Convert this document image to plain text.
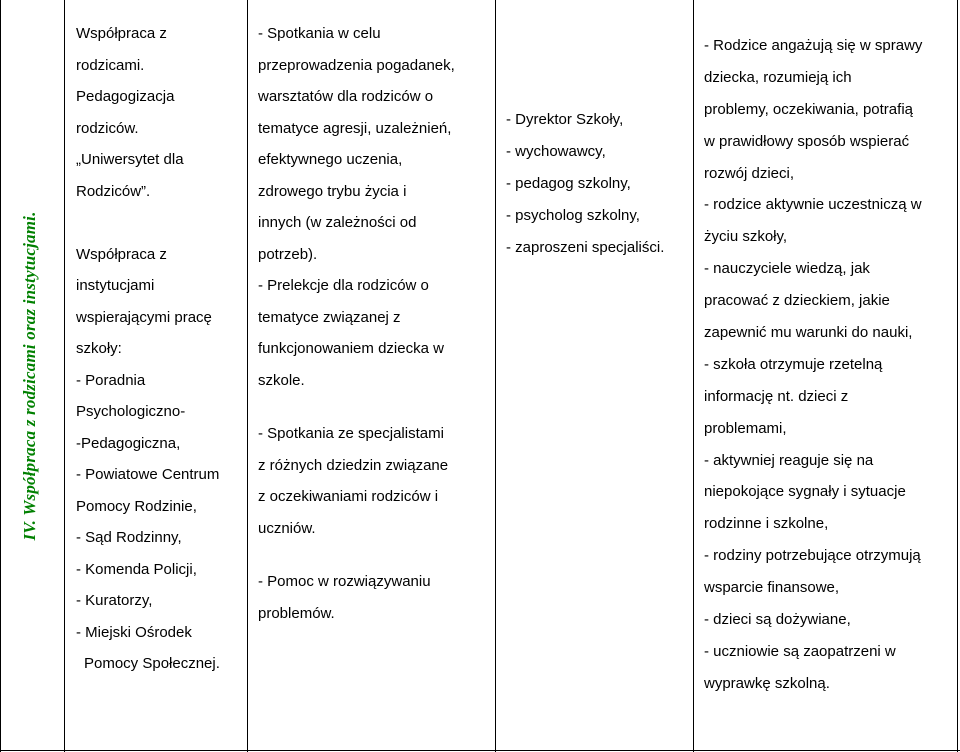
IV. Współpraca z rodzicami oraz instytucjami.
Współpraca z
rodzicami.
Pedagogizacja
rodziców.
„Uniwersytet dla
Rodziców”.
Współpraca z
instytucjami
wspierającymi pracę
szkoły:
- Poradnia
Psychologiczno-
-Pedagogiczna,
- Powiatowe Centrum
Pomocy Rodzinie,
- Sąd Rodzinny,
- Komenda Policji,
- Kuratorzy,
- Miejski Ośrodek
Pomocy Społecznej.
- Spotkania w celu
przeprowadzenia pogadanek,
warsztatów dla rodziców o
tematyce agresji, uzależnień,
efektywnego uczenia,
zdrowego trybu życia i
innych (w zależności od
potrzeb).
- Prelekcje dla rodziców o
tematyce związanej z
funkcjonowaniem dziecka w
szkole.
- Spotkania ze specjalistami
z różnych dziedzin związane
z oczekiwaniami rodziców i
uczniów.
- Pomoc w rozwiązywaniu
problemów.
- Dyrektor Szkoły,
- wychowawcy,
- pedagog szkolny,
- psycholog szkolny,
- zaproszeni specjaliści.
- Rodzice angażują się w sprawy
dziecka, rozumieją ich
problemy, oczekiwania, potrafią
w prawidłowy sposób wspierać
rozwój dzieci,
- rodzice aktywnie uczestniczą w
życiu szkoły,
- nauczyciele wiedzą, jak
pracować z dzieckiem, jakie
zapewnić mu warunki do nauki,
- szkoła otrzymuje rzetelną
informację nt. dzieci z
problemami,
- aktywniej reaguje się na
niepokojące sygnały i sytuacje
rodzinne i szkolne,
- rodziny potrzebujące otrzymują
wsparcie finansowe,
- dzieci są dożywiane,
- uczniowie są zaopatrzeni w
wyprawkę szkolną.
